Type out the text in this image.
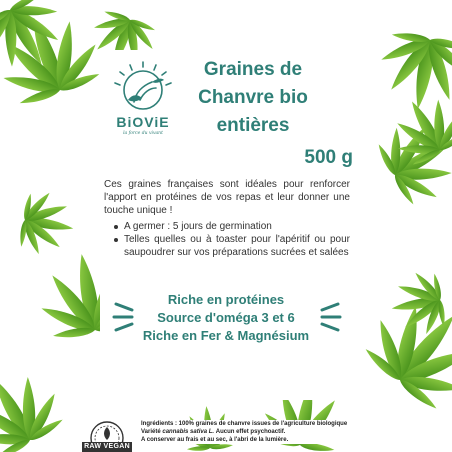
BiOViE
la force du vivant
Graines de
Chanvre bio
entières
500 g

Ces graines françaises sont idéales pour renforcer l'apport en protéines de vos repas et leur donner une touche unique !

A germer : 5 jours de germination
Telles quelles ou à toaster pour l'apéritif ou pour saupoudrer sur vos préparations sucrées et salées
Riche en protéines
Source d'oméga 3 et 6
Riche en Fer & Magnésium
RAW VEGAN
Ingrédients : 100% graines de chanvre issues de l'agriculture biologique
Variété cannabis sativa L. Aucun effet psychoactif.
A conserver au frais et au sec, à l'abri de la lumière.
